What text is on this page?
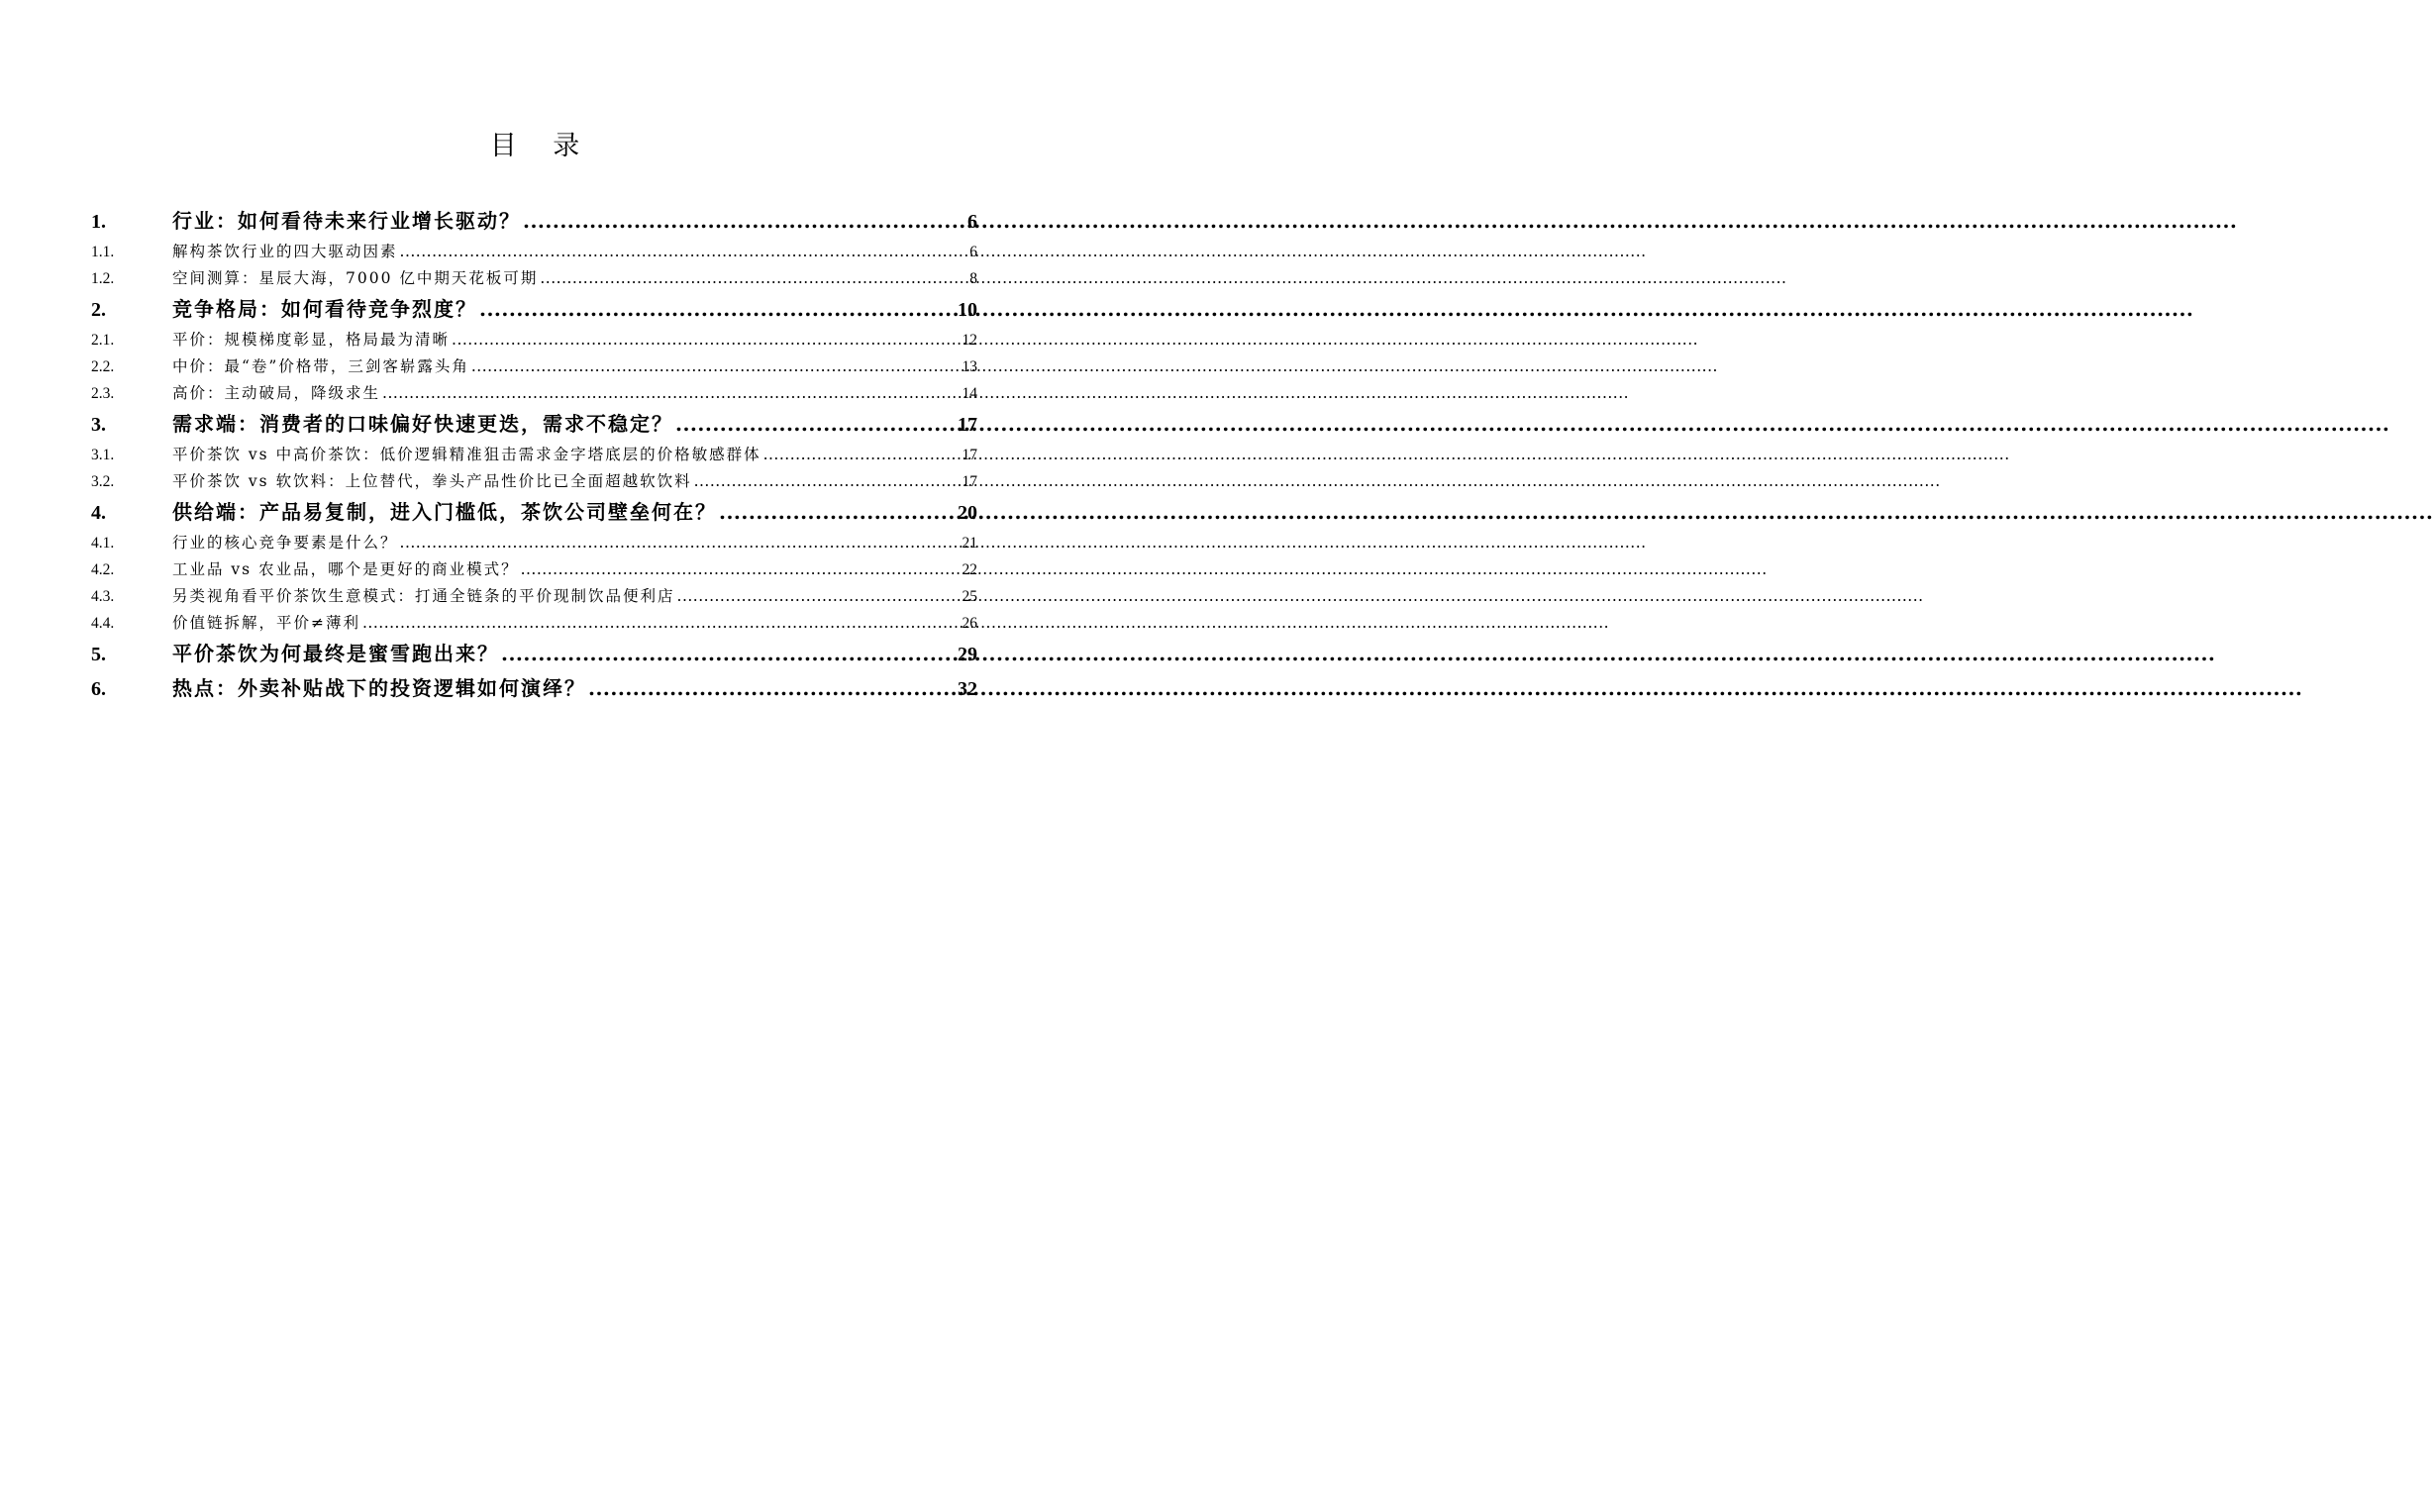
目 录
1.	行业：如何看待未来行业增长驱动？ .....	6
1.1.	解构茶饮行业的四大驱动因素 .....	6
1.2.	空间测算：星辰大海，7000 亿中期天花板可期 .....	8
2.	竞争格局：如何看待竞争烈度？ .....	10
2.1.	平价：规模梯度彰显，格局最为清晰 .....	12
2.2.	中价：最“卷”价格带，三剑客崭露头角 .....	13
2.3.	高价：主动破局，降级求生 .....	14
3.	需求端：消费者的口味偏好快速更迭，需求不稳定？ .....	17
3.1.	平价茶饮 vs 中高价茶饮：低价逻辑精准狙击需求金字塔底层的价格敏感群体 .....	17
3.2.	平价茶饮 vs 软饮料：上位替代，拳头产品性价比已全面超越软饮料 .....	17
4.	供给端：产品易复制，进入门槛低，茶饮公司壁垒何在？ .....	20
4.1.	行业的核心竞争要素是什么？ .....	21
4.2.	工业品 vs 农业品，哪个是更好的商业模式？ .....	22
4.3.	另类视角看平价茶饮生意模式：打通全链条的平价现制饮品便利店 .....	25
4.4.	价值链拆解，平价≠薄利 .....	26
5.	平价茶饮为何最终是蜜雪跑出来？ .....	29
6.	热点：外卖补贴战下的投资逻辑如何演绎？ .....	32
